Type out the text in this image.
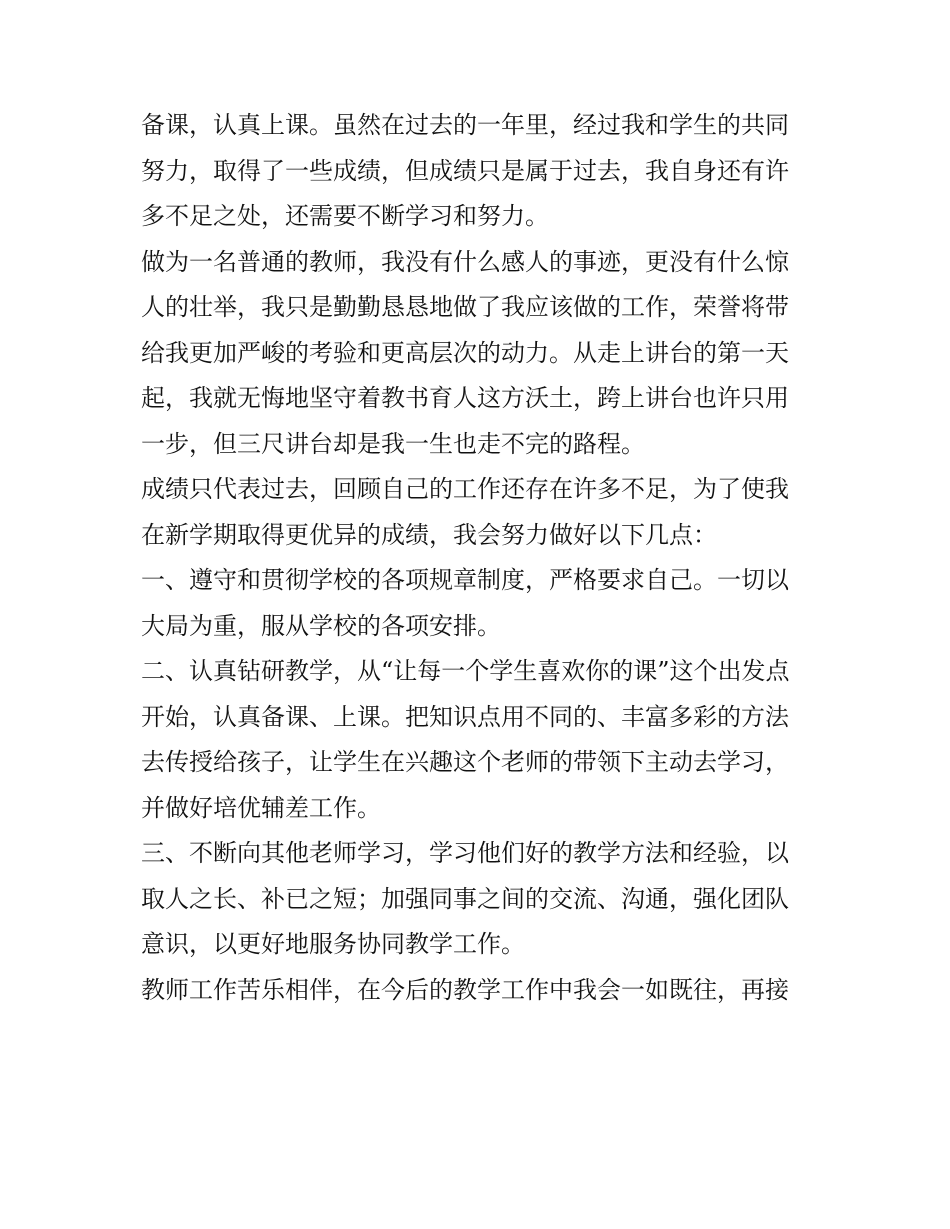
备课，认真上课。虽然在过去的一年里，经过我和学生的共同
努力，取得了一些成绩，但成绩只是属于过去，我自身还有许
多不足之处，还需要不断学习和努力。
做为一名普通的教师，我没有什么感人的事迹，更没有什么惊
人的壮举，我只是勤勤恳恳地做了我应该做的工作，荣誉将带
给我更加严峻的考验和更高层次的动力。从走上讲台的第一天
起，我就无悔地坚守着教书育人这方沃土，跨上讲台也许只用
一步，但三尺讲台却是我一生也走不完的路程。
成绩只代表过去，回顾自己的工作还存在许多不足，为了使我
在新学期取得更优异的成绩，我会努力做好以下几点：
一、遵守和贯彻学校的各项规章制度，严格要求自己。一切以
大局为重，服从学校的各项安排。
二、认真钻研教学，从“让每一个学生喜欢你的课”这个出发点
开始，认真备课、上课。把知识点用不同的、丰富多彩的方法
去传授给孩子，让学生在兴趣这个老师的带领下主动去学习，
并做好培优辅差工作。
三、不断向其他老师学习，学习他们好的教学方法和经验，以
取人之长、补已之短；加强同事之间的交流、沟通，强化团队
意识，以更好地服务协同教学工作。
教师工作苦乐相伴，在今后的教学工作中我会一如既往，再接
